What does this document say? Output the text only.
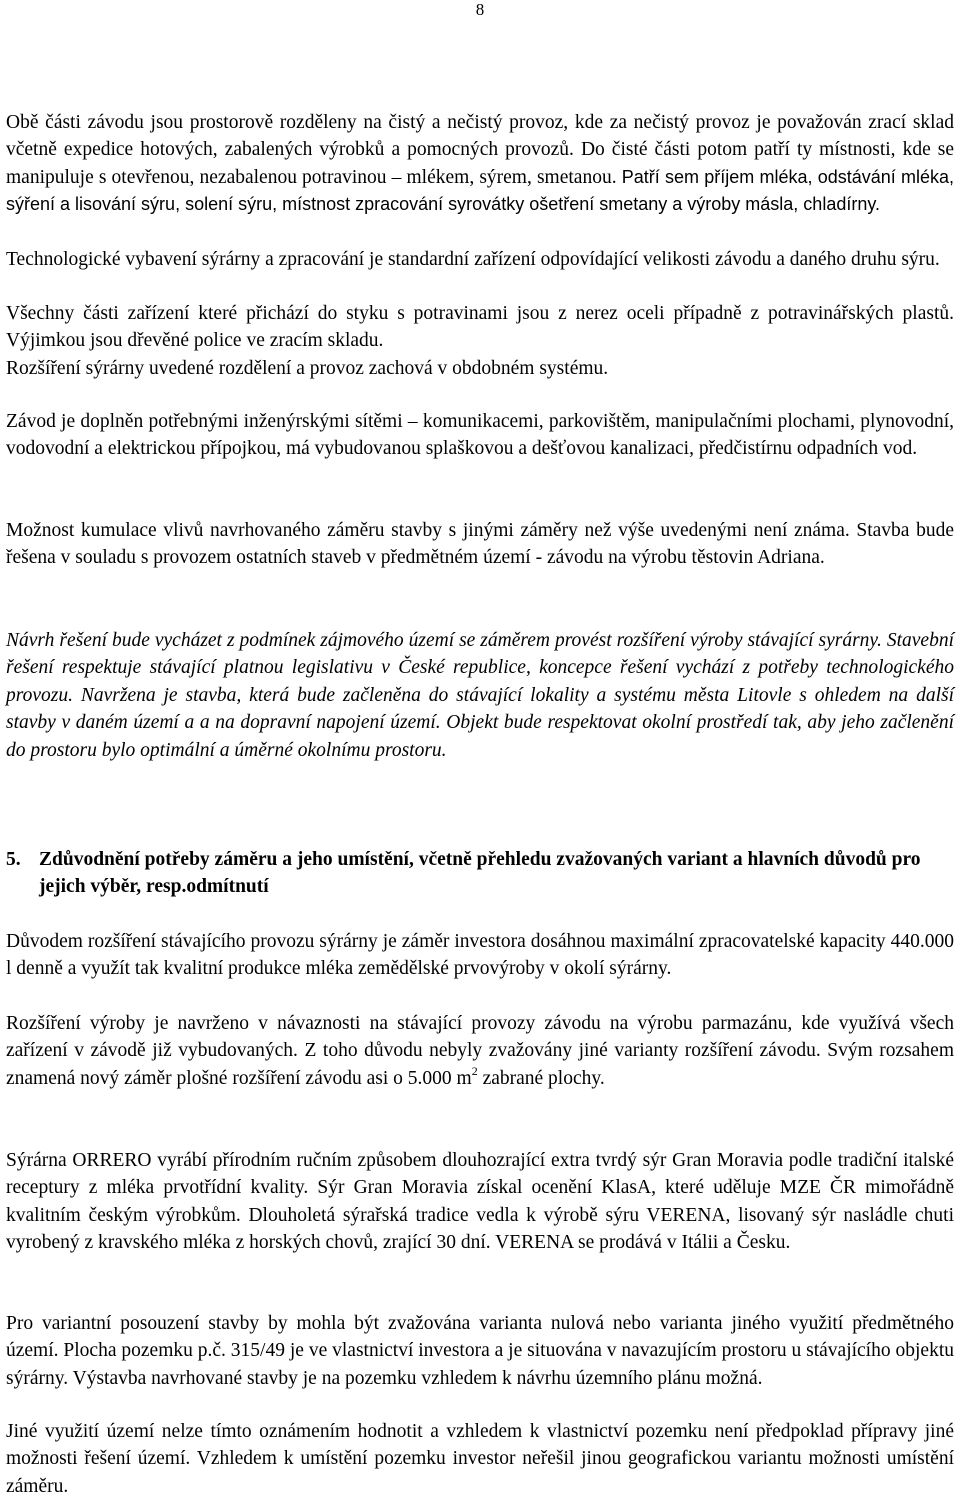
8

Obě části závodu jsou prostorově rozděleny na čistý a nečistý provoz, kde za nečistý provoz je považován zrací sklad včetně expedice hotových, zabalených výrobků a pomocných provozů. Do čisté části potom patří ty místnosti, kde se manipuluje s otevřenou, nezabalenou potravinou – mlékem, sýrem, smetanou. Patří sem příjem mléka, odstávání mléka, sýření a lisování sýru, solení sýru, místnost zpracování syrovátky ošetření smetany a výroby másla, chladírny.

Technologické vybavení sýrárny a zpracování je standardní zařízení odpovídající velikosti závodu a daného druhu sýru.

Všechny části zařízení které přichází do styku s potravinami jsou z nerez oceli případně z potravinářských plastů. Výjimkou jsou dřevěné police ve zracím skladu.

Rozšíření sýrárny uvedené rozdělení a provoz zachová v obdobném systému.

Závod je doplněn potřebnými inženýrskými sítěmi – komunikacemi, parkovištěm, manipulačními plochami, plynovodní, vodovodní a elektrickou přípojkou, má vybudovanou splaškovou a dešťovou kanalizaci, předčistírnu odpadních vod.

Možnost kumulace vlivů navrhovaného záměru stavby s jinými záměry než výše uvedenými není známa. Stavba bude řešena v souladu s provozem ostatních staveb v předmětném území - závodu na výrobu těstovin Adriana.

Návrh řešení bude vycházet z podmínek zájmového území se záměrem provést rozšíření výroby stávající syrárny. Stavební řešení respektuje stávající platnou legislativu v České republice, koncepce řešení vychází z potřeby technologického provozu. Navržena je stavba, která bude začleněna do stávající lokality a systému města Litovle s ohledem na další stavby v daném území a a na dopravní napojení území. Objekt bude respektovat okolní prostředí tak, aby jeho začlenění do prostoru bylo optimální a úměrné okolnímu prostoru.

5. Zdůvodnění potřeby záměru a jeho umístění, včetně přehledu zvažovaných variant a hlavních důvodů pro jejich výběr, resp.odmítnutí

Důvodem rozšíření stávajícího provozu sýrárny je záměr investora dosáhnou maximální zpracovatelské kapacity 440.000 l denně a využít tak kvalitní produkce mléka zemědělské prvovýroby v okolí sýrárny.

Rozšíření výroby je navrženo v návaznosti na stávající provozy závodu na výrobu parmazánu, kde využívá všech zařízení v závodě již vybudovaných. Z toho důvodu nebyly zvažovány jiné varianty rozšíření závodu. Svým rozsahem znamená nový záměr plošné rozšíření závodu asi o 5.000 $m^2$ zabrané plochy.

Sýrárna ORRERO vyrábí přírodním ručním způsobem dlouhozrající extra tvrdý sýr Gran Moravia podle tradiční italské receptury z mléka prvotřídní kvality. Sýr Gran Moravia získal ocenění KlasA, které uděluje MZE ČR mimořádně kvalitním českým výrobkům. Dlouholetá sýrařská tradice vedla k výrobě sýru VERENA, lisovaný sýr nasládle chuti vyrobený z kravského mléka z horských chovů, zrající 30 dní. VERENA se prodává v Itálii a Česku.

Pro variantní posouzení stavby by mohla být zvažována varianta nulová nebo varianta jiného využití předmětného území. Plocha pozemku p.č. 315/49 je ve vlastnictví investora a je situována v navazujícím prostoru u stávajícího objektu sýrárny. Výstavba navrhované stavby je na pozemku vzhledem k návrhu územního plánu možná.

Jiné využití území nelze tímto oznámením hodnotit a vzhledem k vlastnictví pozemku není předpoklad přípravy jiné možnosti řešení území. Vzhledem k umístění pozemku investor neřešil jinou geografickou variantu možnosti umístění záměru.
